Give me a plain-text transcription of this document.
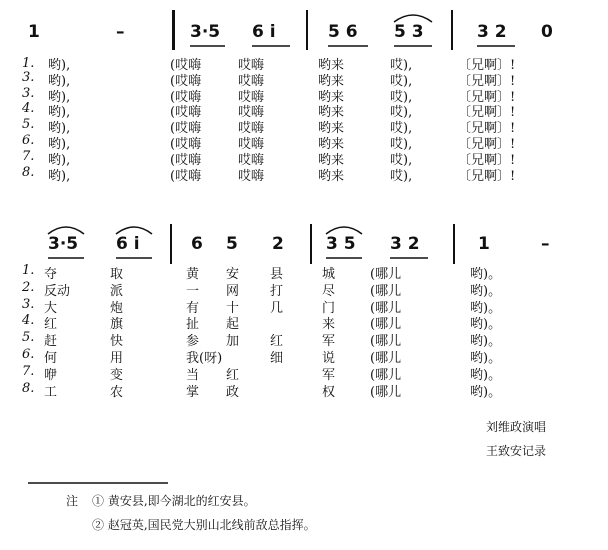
1	–	3·5 6 i	5 6 5 3	3 2 0
1. 哟),	(哎嗨	哎嗨	哟来	哎),	〔兄啊〕!
3. 哟),	(哎嗨	哎嗨	哟来	哎),	〔兄啊〕!
3. 哟),	(哎嗨	哎嗨	哟来	哎),	〔兄啊〕!
4. 哟),	(哎嗨	哎嗨	哟来	哎),	〔兄啊〕!
5. 哟),	(哎嗨	哎嗨	哟来	哎),	〔兄啊〕!
6. 哟),	(哎嗨	哎嗨	哟来	哎),	〔兄啊〕!
7. 哟),	(哎嗨	哎嗨	哟来	哎),	〔兄啊〕!
8. 哟),	(哎嗨	哎嗨	哟来	哎),	〔兄啊〕!
1. 夺	取	黄 安 县	城	(哪儿	哟)。
2. 反动	派	一 网 打	尽	(哪儿	哟)。
3. 大	炮	有 十 几	门	(哪儿	哟)。
4. 红	旗	扯 起	来	(哪儿	哟)。
5. 赶	快	参 加 红	军	(哪儿	哟)。
6. 何	用	我(呀)	细	说	(哪儿	哟)。
7. 咿	变	当 红	军	(哪儿	哟)。
8. 工	农	掌 政	权	(哪儿	哟)。
3·5 6 i	6 5 2 3 5 3 2	1	–
刘维政演唱
王致安记录
注 ① 黄安县,即今湖北的红安县。
② 赵冠英,国民党大别山北线前敌总指挥。
